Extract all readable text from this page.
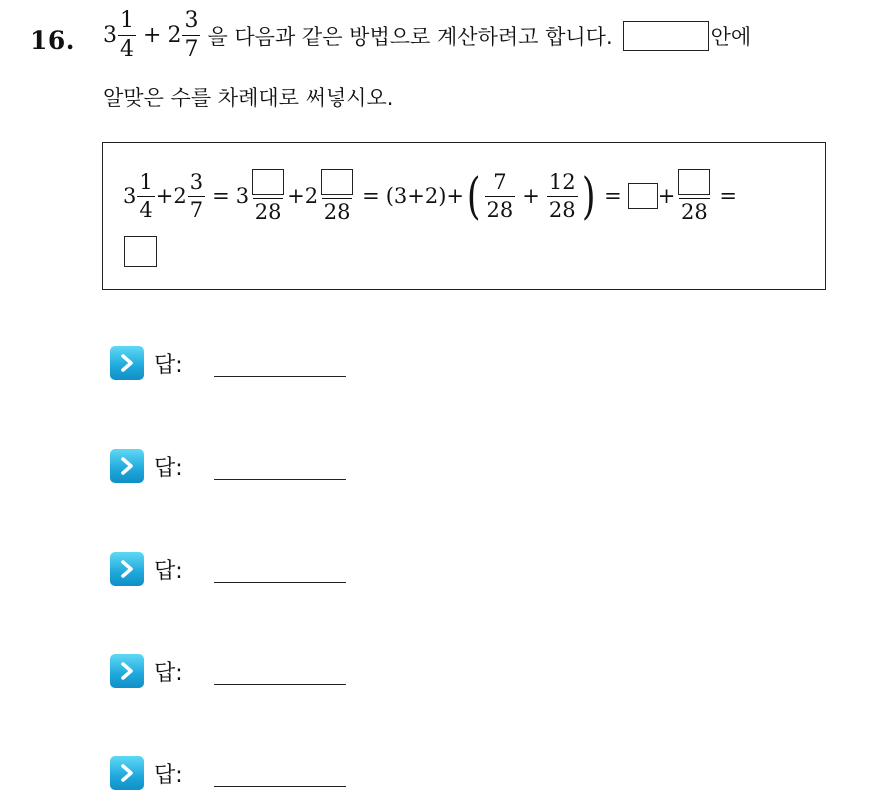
16. $3 \frac{1}{4} + 2 \frac{3}{7}$ 을 다음과 같은 방법으로 계산하려고 합니다.	안에
알맞은 수를 차례대로 써넣시오.
$3 \frac{1}{4} + 2 \frac{3}{7} = 3$
28
+ 2
28
= (3+2) + ( $\frac{7}{28} + \frac{12}{28}$ ) = +
28
=
답:
답:
답:
답:
답:
